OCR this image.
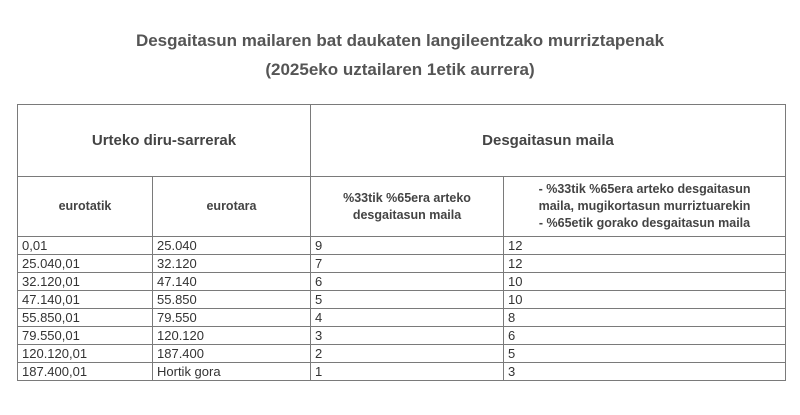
Desgaitasun mailaren bat daukaten langileentzako murriztapenak
(2025eko uztailaren 1etik aurrera)
Urteko diru-sarrerak		Desgaitasun maila	
eurotatik	eurotara	%33tik %65era arteko desgaitasun maila	- %33tik %65era arteko desgaitasun
maila, mugikortasun murriztuarekin
- %65etik gorako desgaitasun maila

0,01	25.040	9	12
25.040,01	32.120	7	12
32.120,01	47.140	6	10
47.140,01	55.850	5	10
55.850,01	79.550	4	8
79.550,01	120.120	3	6
120.120,01	187.400	2	5
187.400,01	Hortik gora	1	3
